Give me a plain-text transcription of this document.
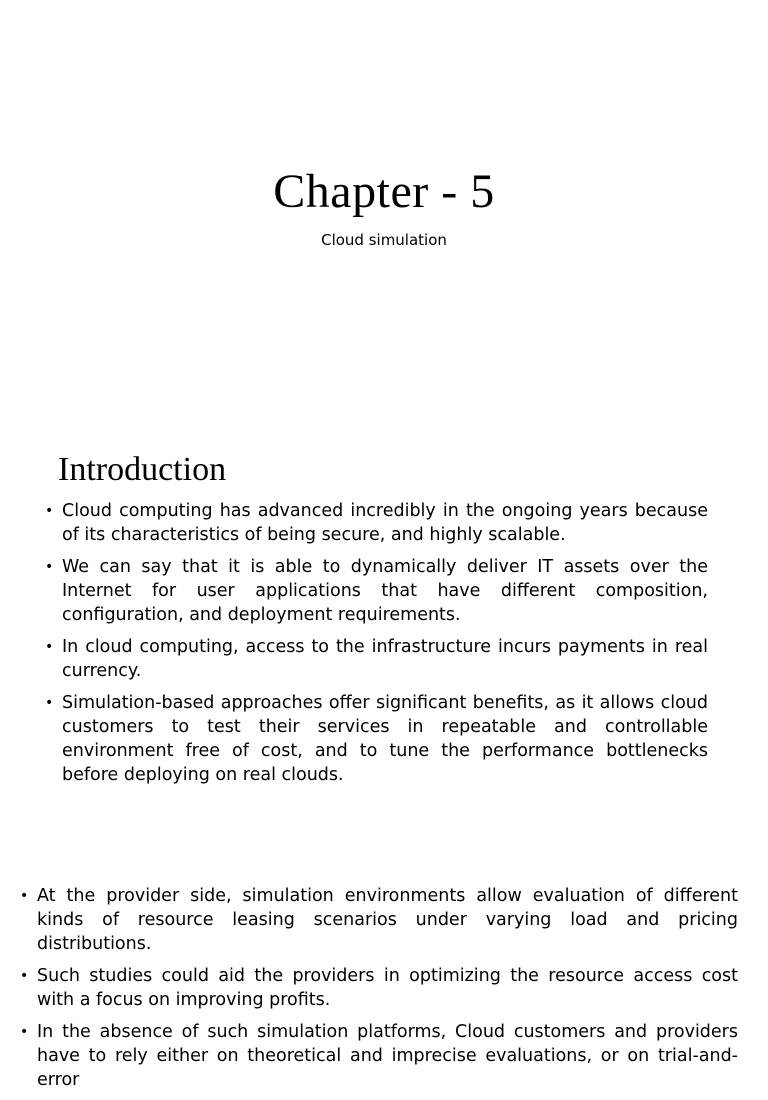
Chapter - 5
Cloud simulation
Introduction
• Cloud computing has advanced incredibly in the ongoing years because of its characteristics of being secure, and highly scalable.
• We can say that it is able to dynamically deliver IT assets over the Internet for user applications that have different composition, configuration, and deployment requirements.
• In cloud computing, access to the infrastructure incurs payments in real currency.
• Simulation-based approaches offer significant benefits, as it allows cloud customers to test their services in repeatable and controllable environment free of cost, and to tune the performance bottlenecks before deploying on real clouds.
• At the provider side, simulation environments allow evaluation of different kinds of resource leasing scenarios under varying load and pricing distributions.
• Such studies could aid the providers in optimizing the resource access cost with a focus on improving profits.
• In the absence of such simulation platforms, Cloud customers and providers have to rely either on theoretical and imprecise evaluations, or on trial-and-error
